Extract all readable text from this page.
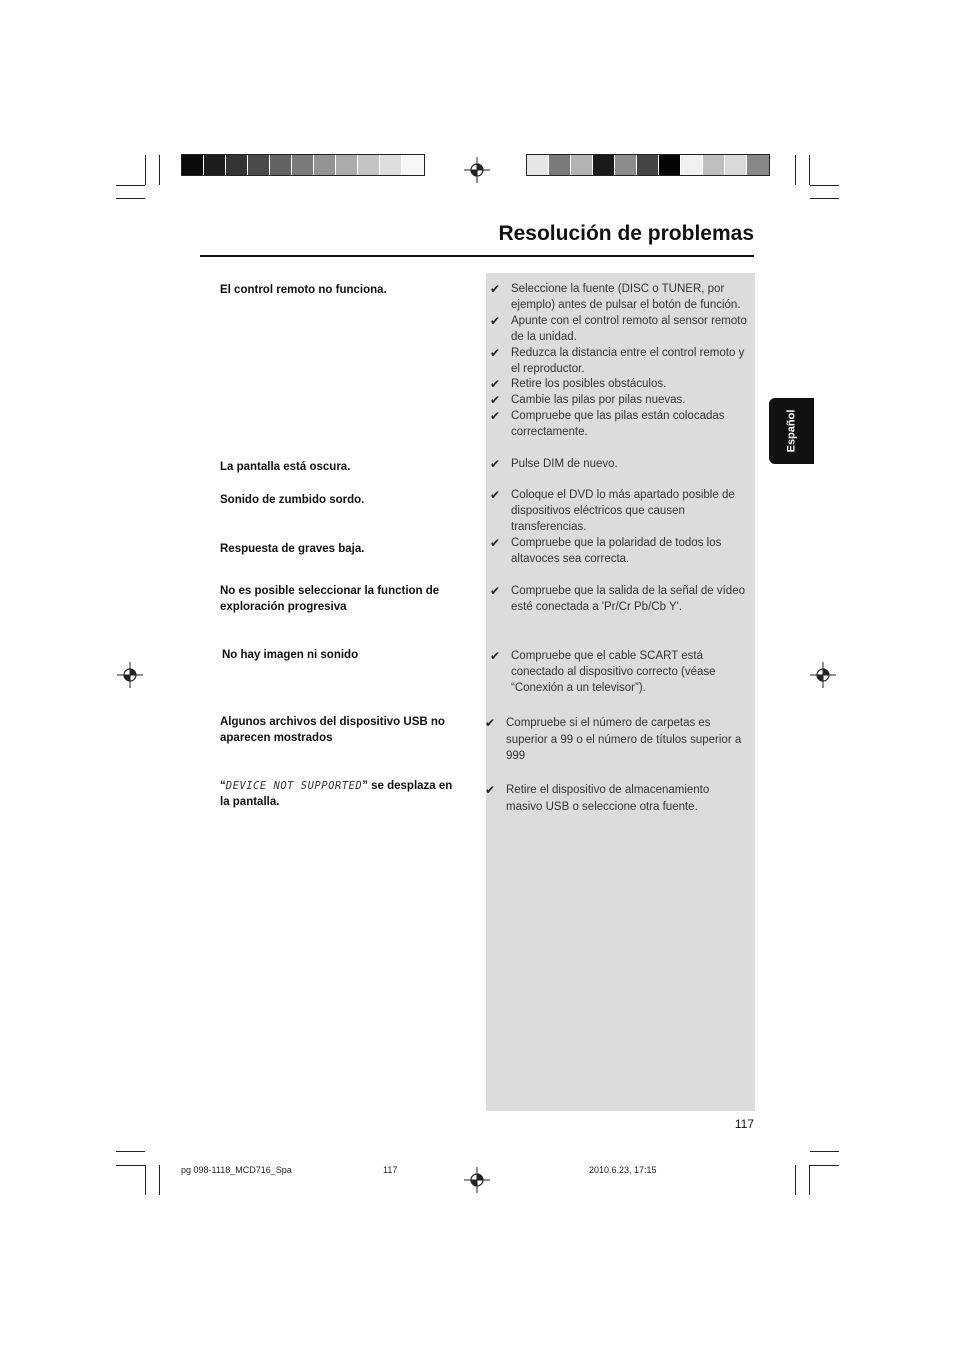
Resolución de problemas
Español
El control remoto no funciona.
La pantalla está oscura.
Sonido de zumbido sordo.
Respuesta de graves baja.
No es posible seleccionar la function de exploración progresiva
No hay imagen ni sonido
Algunos archivos del dispositivo USB no aparecen mostrados
“DEVICE NOT SUPPORTED” se desplaza en la pantalla.
✔ Seleccione la fuente (DISC o TUNER, por ejemplo) antes de pulsar el botón de función.
✔ Apunte con el control remoto al sensor remoto de la unidad.
✔ Reduzca la distancia entre el control remoto y el reproductor.
✔ Retire los posibles obstáculos.
✔ Cambie las pilas por pilas nuevas.
✔ Compruebe que las pilas están colocadas correctamente.
✔ Pulse DIM de nuevo.
✔ Coloque el DVD lo más apartado posible de dispositivos eléctricos que causen transferencias.
✔ Compruebe que la polaridad de todos los altavoces sea correcta.
✔ Compruebe que la salida de la señal de vídeo esté conectada a 'Pr/Cr Pb/Cb Y'.
✔ Compruebe que el cable SCART está conectado al dispositivo correcto (véase “Conexión a un televisor”).
✔ Compruebe si el número de carpetas es superior a 99 o el número de títulos superior a 999
✔ Retire el dispositivo de almacenamiento masivo USB o seleccione otra fuente.
117
pg 098-1118_MCD716_Spa	117	2010.6.23, 17:15
